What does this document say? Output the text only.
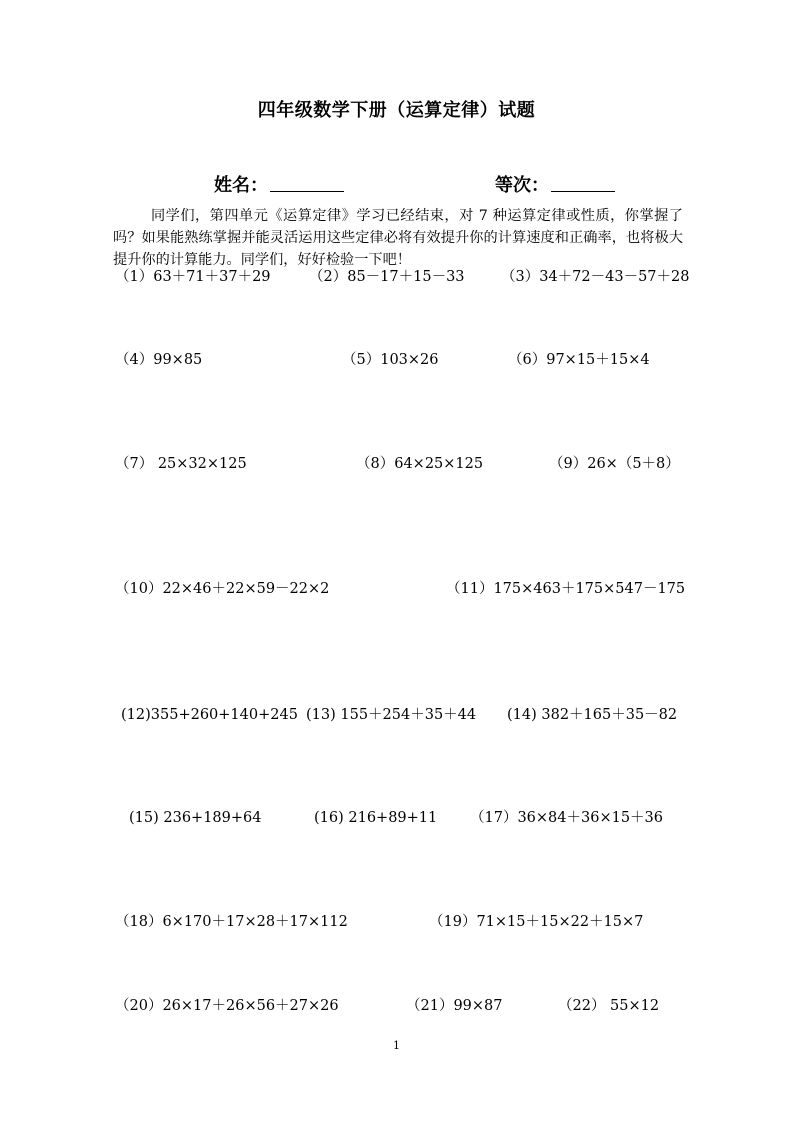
四年级数学下册（运算定律）试题
姓名：	等次：
同学们，第四单元《运算定律》学习已经结束，对 7 种运算定律或性质，你掌握了吗？如果能熟练掌握并能灵活运用这些定律必将有效提升你的计算速度和正确率，也将极大提升你的计算能力。同学们，好好检验一下吧！
（1）63＋71＋37＋29	（2）85－17＋15－33	（3）34＋72－43－57＋28
（4）99×85	（5）103×26	（6）97×15＋15×4
（7） 25×32×125	（8）64×25×125	（9）26×（5＋8）
（10）22×46＋22×59－22×2	（11）175×463＋175×547－175
(12)355+260+140+245 (13) 155＋254＋35＋44 (14) 382＋165＋35－82
(15) 236+189+64	(16) 216+89+11 （17）36×84＋36×15＋36
（18）6×170＋17×28＋17×112	（19）71×15＋15×22＋15×7
（20）26×17＋26×56＋27×26	（21）99×87	（22） 55×12
1
